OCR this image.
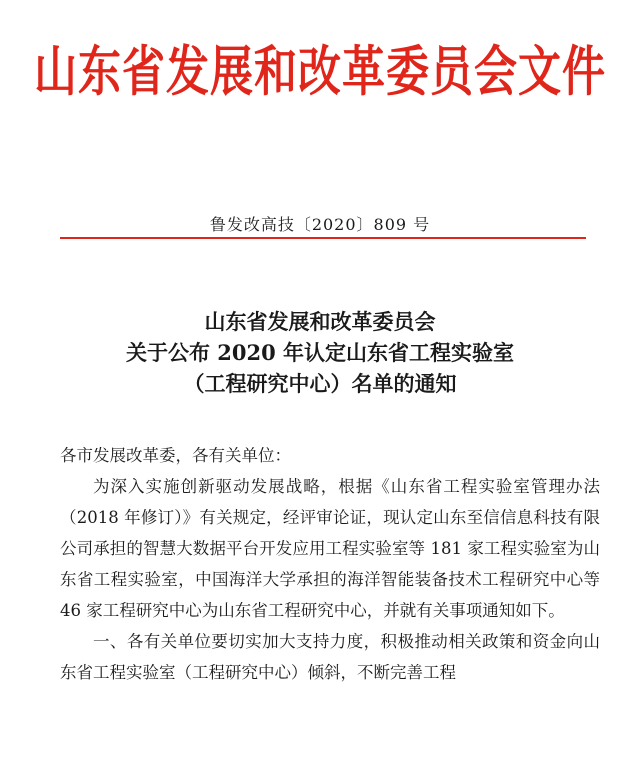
山东省发展和改革委员会文件
鲁发改高技〔2020〕809 号
山东省发展和改革委员会
关于公布 2020 年认定山东省工程实验室
（工程研究中心）名单的通知

各市发展改革委，各有关单位：

为深入实施创新驱动发展战略，根据《山东省工程实验室管理办法（2018 年修订）》有关规定，经评审论证，现认定山东至信信息科技有限公司承担的智慧大数据平台开发应用工程实验室等 181 家工程实验室为山东省工程实验室，中国海洋大学承担的海洋智能装备技术工程研究中心等 46 家工程研究中心为山东省工程研究中心，并就有关事项通知如下。

一、各有关单位要切实加大支持力度，积极推动相关政策和资金向山东省工程实验室（工程研究中心）倾斜，不断完善工程
